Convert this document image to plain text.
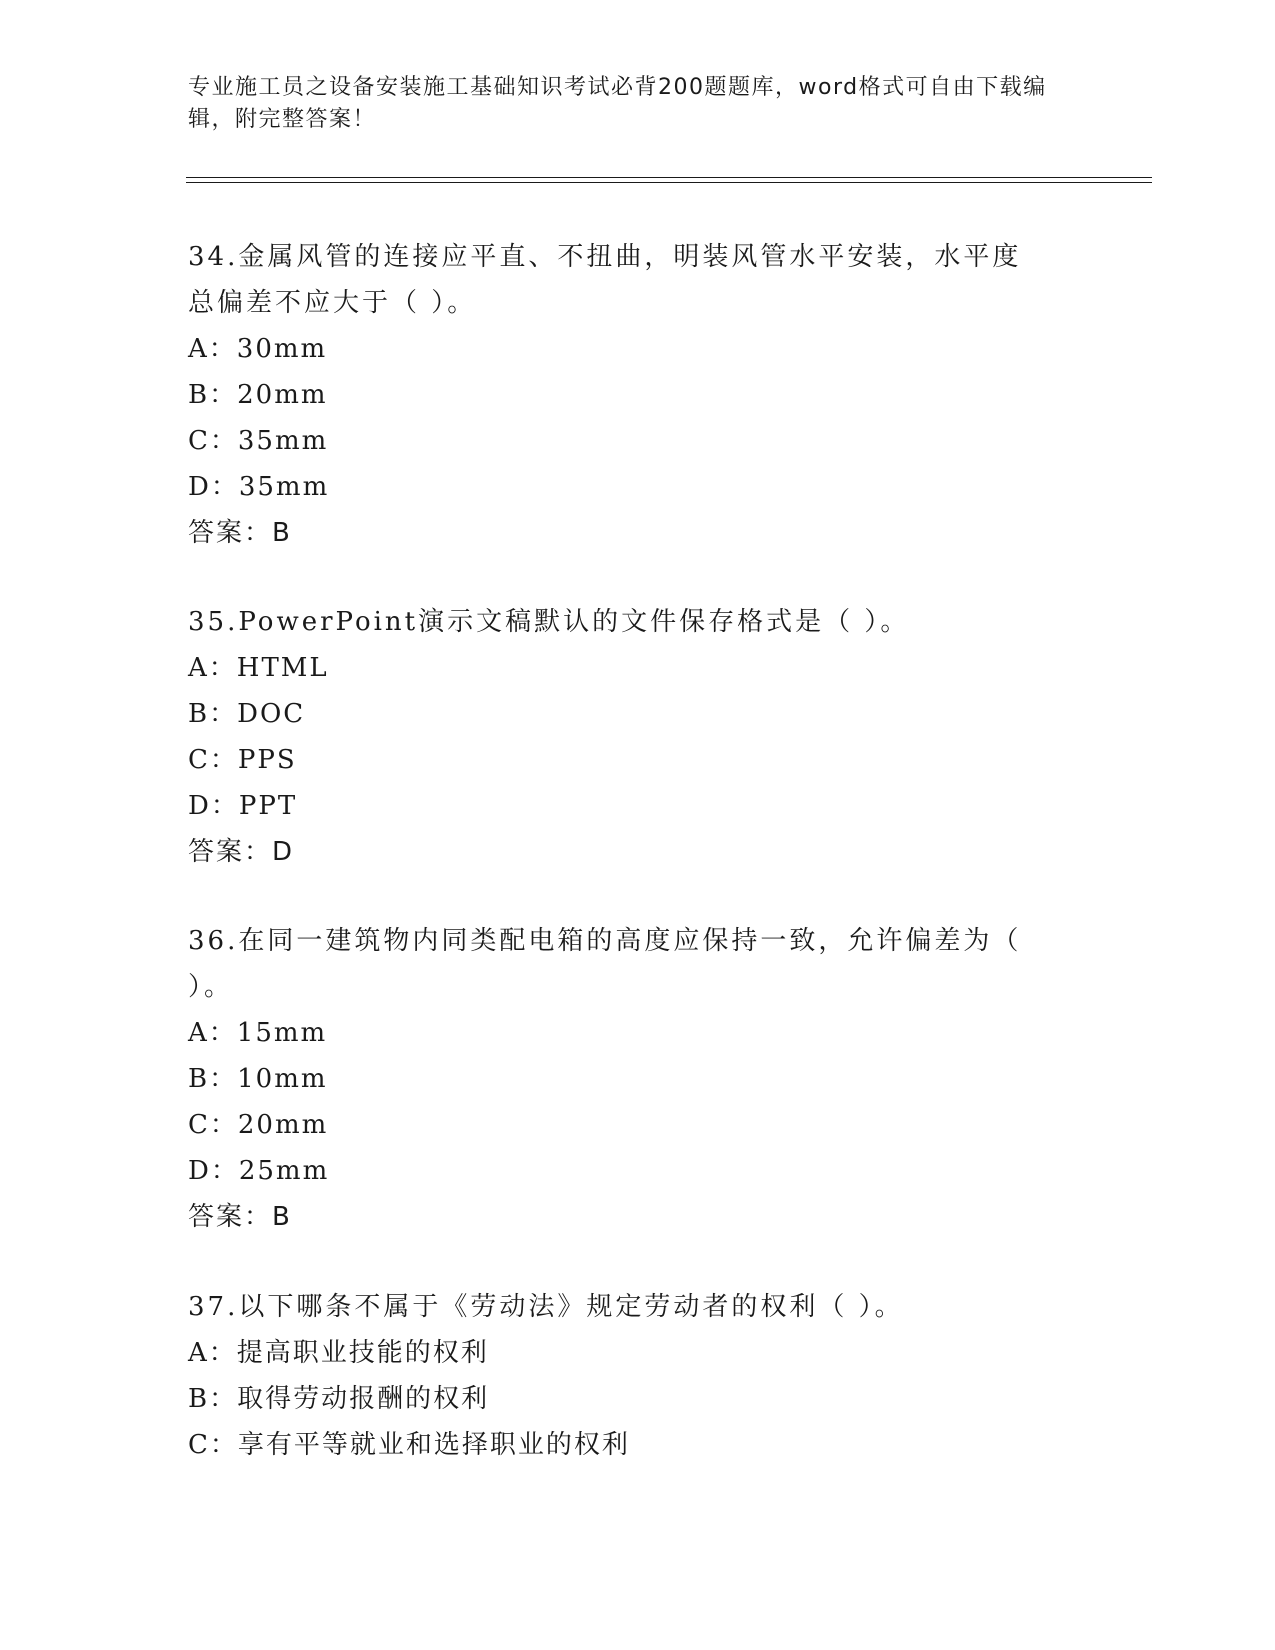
专业施工员之设备安装施工基础知识考试必背200题题库，word格式可自由下载编辑，附完整答案！

34.金属风管的连接应平直、不扭曲，明装风管水平安装，水平度总偏差不应大于（ ）。

A：30mm

B：20mm

C：35mm

D：35mm

答案：B

35.PowerPoint演示文稿默认的文件保存格式是（ ）。

A：HTML

B：DOC

C：PPS

D：PPT

答案：D

36.在同一建筑物内同类配电箱的高度应保持一致，允许偏差为（ ）。

A：15mm

B：10mm

C：20mm

D：25mm

答案：B

37.以下哪条不属于《劳动法》规定劳动者的权利（ ）。

A：提高职业技能的权利

B：取得劳动报酬的权利

C：享有平等就业和选择职业的权利
